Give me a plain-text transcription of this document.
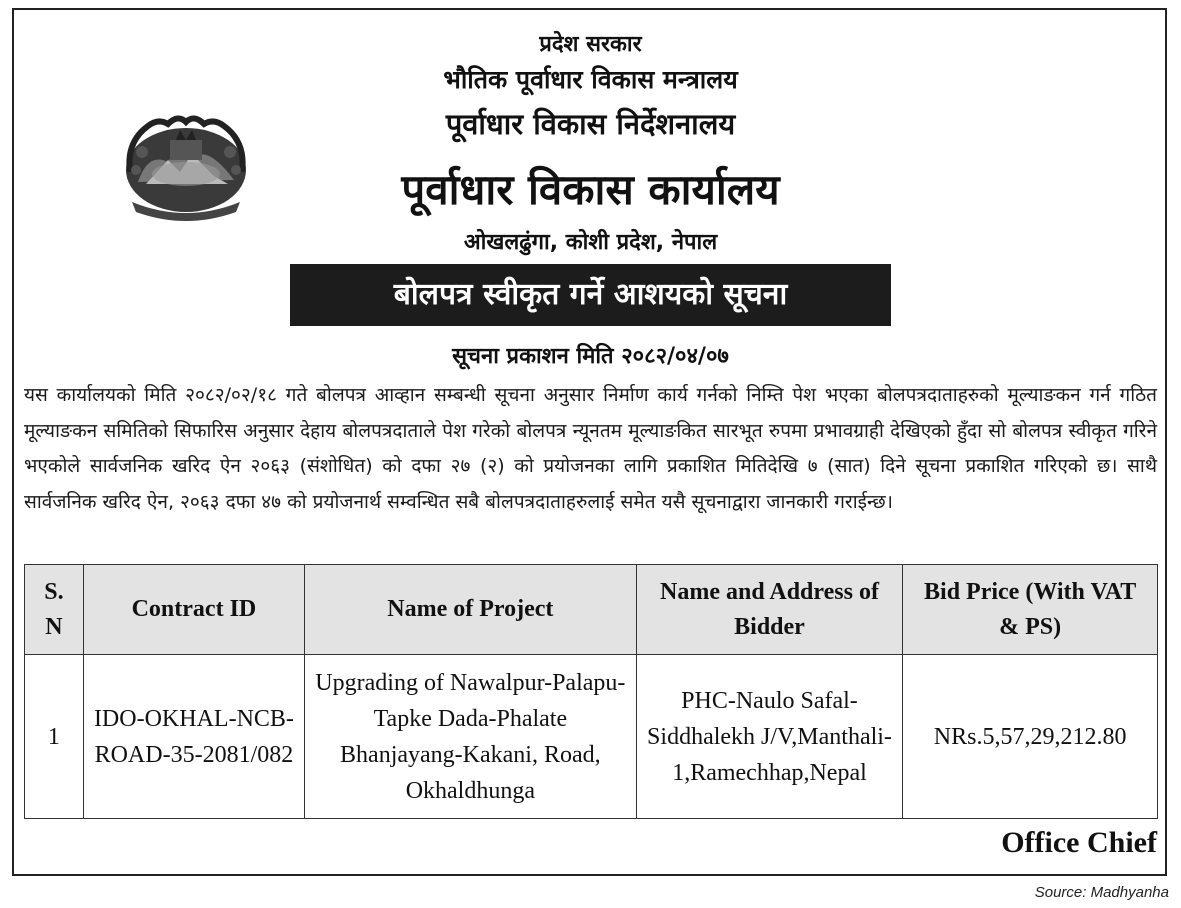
प्रदेश सरकार
भौतिक पूर्वाधार विकास मन्त्रालय
पूर्वाधार विकास निर्देशनालय
पूर्वाधार विकास कार्यालय
ओखलढुंगा, कोशी प्रदेश, नेपाल
बोलपत्र स्वीकृत गर्ने आशयको सूचना
सूचना प्रकाशन मिति २०८२/०४/०७
यस कार्यालयको मिति २०८२/०२/१८ गते बोलपत्र आव्हान सम्बन्धी सूचना अनुसार निर्माण कार्य गर्नको निम्ति पेश भएका बोलपत्रदाताहरुको मूल्याङकन गर्न गठित मूल्याङकन समितिको सिफारिस अनुसार देहाय बोलपत्रदाताले पेश गरेको बोलपत्र न्यूनतम मूल्याङकित सारभूत रुपमा प्रभावग्राही देखिएको हुँदा सो बोलपत्र स्वीकृत गरिने भएकोले सार्वजनिक खरिद ऐन २०६३ (संशोधित) को दफा २७ (२) को प्रयोजनका लागि प्रकाशित मितिदेखि ७ (सात) दिने सूचना प्रकाशित गरिएको छ। साथै सार्वजनिक खरिद ऐन, २०६३ दफा ४७ को प्रयोजनार्थ सम्वन्धित सबै बोलपत्रदाताहरुलाई समेत यसै सूचनाद्वारा जानकारी गराईन्छ।
S. N	Contract ID	Name of Project	Name and Address of Bidder	Bid Price (With VAT & PS)
1	IDO-OKHAL-NCB-ROAD-35-2081/082	Upgrading of Nawalpur-Palapu-Tapke Dada-Phalate Bhanjayang-Kakani, Road, Okhaldhunga	PHC-Naulo Safal-Siddhalekh J/V,Manthali-1,Ramechhap,Nepal	NRs.5,57,29,212.80
Office Chief
Source: Madhyanha
